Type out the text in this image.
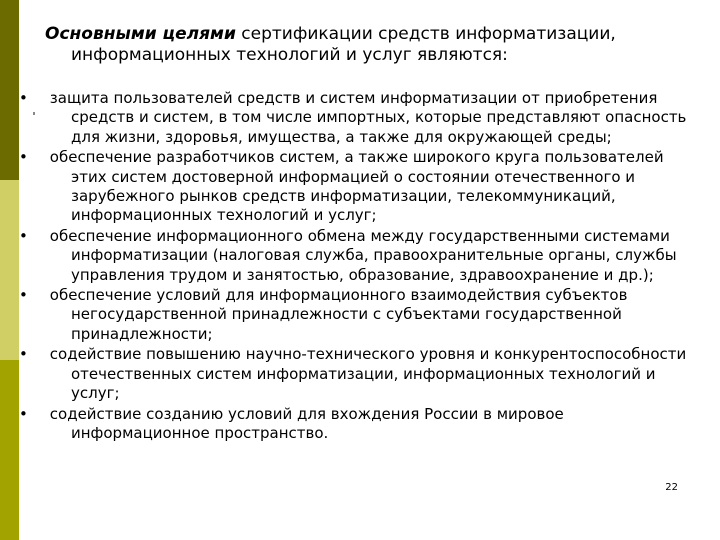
Основными целями сертификации средств информатизации, информационных технологий и услуг являются:

• защита пользователей средств и систем информатизации от приобретения средств и систем, в том числе импортных, которые представляют опасность для жизни, здоровья, имущества, а также для окружающей среды;
• обеспечение разработчиков систем, а также широкого круга пользователей этих систем достоверной информацией о состоянии отечественного и зарубежного рынков средств информатизации, телекоммуникаций, информационных технологий и услуг;
• обеспечение информационного обмена между государственными системами информатизации (налоговая служба, правоохранительные органы, службы управления трудом и занятостью, образование, здравоохранение и др.);
• обеспечение условий для информационного взаимодействия субъектов негосударственной принадлежности с субъектами государственной принадлежности;
• содействие повышению научно-технического уровня и конкурентоспособности отечественных систем информатизации, информационных технологий и услуг;
• содействие созданию условий для вхождения России в мировое информационное пространство.
22
